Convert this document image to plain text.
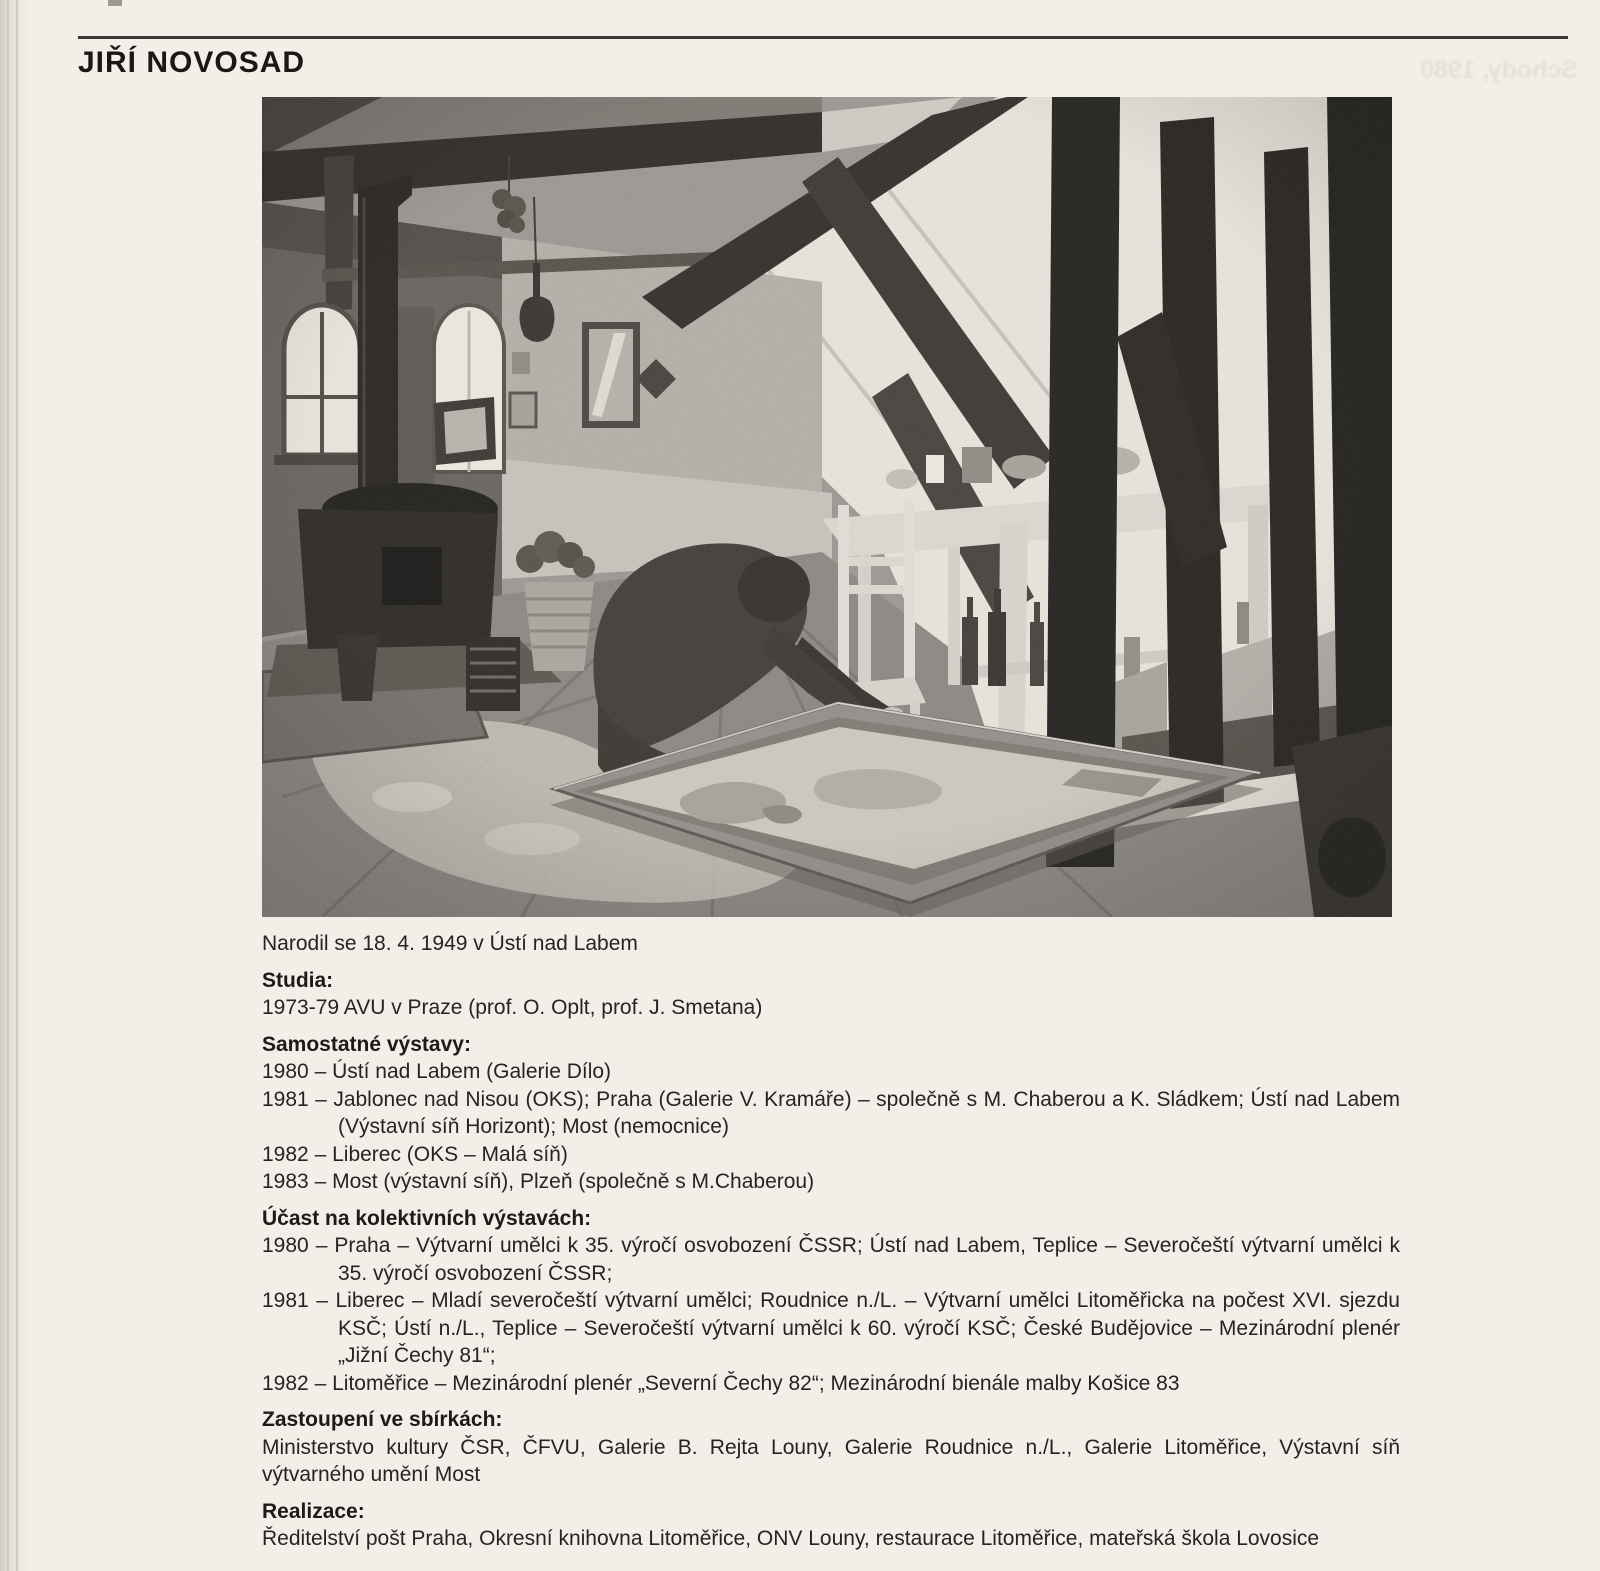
JIŘÍ NOVOSAD	Schody, 1980

Narodil se 18. 4. 1949 v Ústí nad Labem

Studia:

1973-79 AVU v Praze (prof. O. Oplt, prof. J. Smetana)

Samostatné výstavy:

1980 – Ústí nad Labem (Galerie Dílo)

1981 – Jablonec nad Nisou (OKS); Praha (Galerie V. Kramáře) – společně s M. Chaberou a K. Sládkem; Ústí nad Labem (Výstavní síň Horizont); Most (nemocnice)

1982 – Liberec (OKS – Malá síň)

1983 – Most (výstavní síň), Plzeň (společně s M.Chaberou)

Účast na kolektivních výstavách:

1980 – Praha – Výtvarní umělci k 35. výročí osvobození ČSSR; Ústí nad Labem, Teplice – Severočeští výtvarní umělci k 35. výročí osvobození ČSSR;

1981 – Liberec – Mladí severočeští výtvarní umělci; Roudnice n./L. – Výtvarní umělci Litoměřicka na počest XVI. sjezdu KSČ; Ústí n./L., Teplice – Severočeští výtvarní umělci k 60. výročí KSČ; České Budějovice – Mezinárodní plenér „Jižní Čechy 81“;

1982 – Litoměřice – Mezinárodní plenér „Severní Čechy 82“; Mezinárodní bienále malby Košice 83

Zastoupení ve sbírkách:

Ministerstvo kultury ČSR, ČFVU, Galerie B. Rejta Louny, Galerie Roudnice n./L., Galerie Litoměřice, Výstavní síň výtvarného umění Most

Realizace:

Ředitelství pošt Praha, Okresní knihovna Litoměřice, ONV Louny, restaurace Litoměřice, mateřská škola Lovosice
